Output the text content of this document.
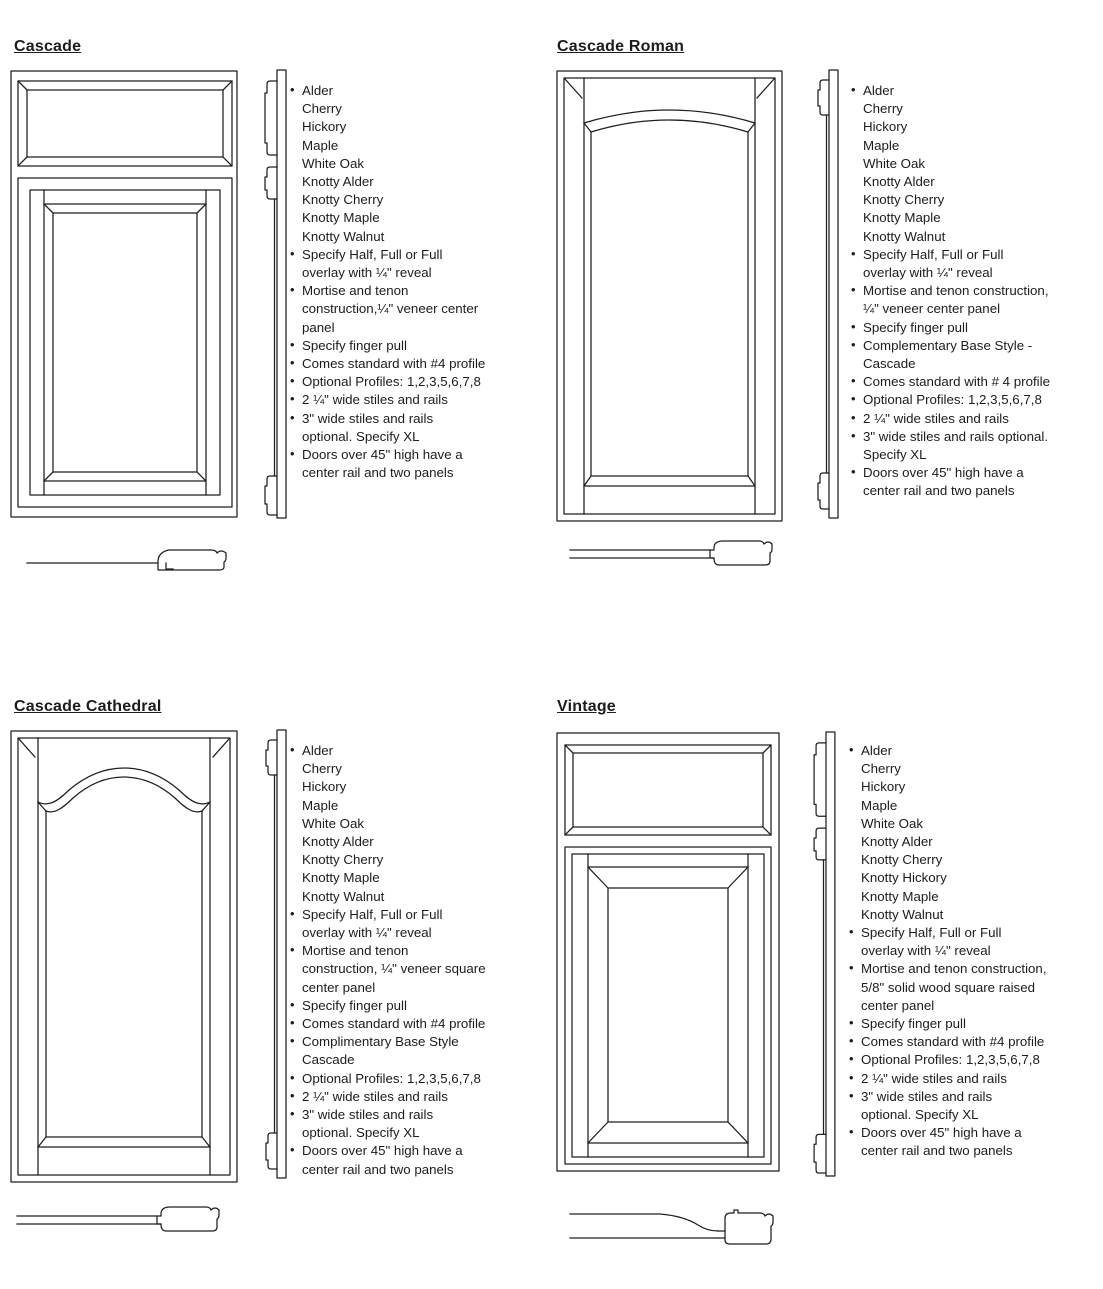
Cascade
• Alder
Cherry
Hickory
Maple
White Oak
Knotty Alder
Knotty Cherry
Knotty Maple
Knotty Walnut
• Specify Half, Full or Full
overlay with ¼" reveal
• Mortise and tenon
construction,¼" veneer center
panel
• Specify finger pull
• Comes standard with #4 profile
• Optional Profiles: 1,2,3,5,6,7,8
• 2 ¼" wide stiles and rails
• 3" wide stiles and rails
optional. Specify XL
• Doors over 45" high have a
center rail and two panels
Cascade Roman
• Alder
Cherry
Hickory
Maple
White Oak
Knotty Alder
Knotty Cherry
Knotty Maple
Knotty Walnut
• Specify Half, Full or Full
overlay with ¼" reveal
• Mortise and tenon construction,
¼" veneer center panel
• Specify finger pull
• Complementary Base Style -
Cascade
• Comes standard with # 4 profile
• Optional Profiles: 1,2,3,5,6,7,8
• 2 ¼" wide stiles and rails
• 3" wide stiles and rails optional.
Specify XL
• Doors over 45" high have a
center rail and two panels
Cascade Cathedral
• Alder
Cherry
Hickory
Maple
White Oak
Knotty Alder
Knotty Cherry
Knotty Maple
Knotty Walnut
• Specify Half, Full or Full
overlay with ¼" reveal
• Mortise and tenon
construction, ¼" veneer square
center panel
• Specify finger pull
• Comes standard with #4 profile
• Complimentary Base Style
Cascade
• Optional Profiles: 1,2,3,5,6,7,8
• 2 ¼" wide stiles and rails
• 3" wide stiles and rails
optional. Specify XL
• Doors over 45" high have a
center rail and two panels
Vintage
• Alder
Cherry
Hickory
Maple
White Oak
Knotty Alder
Knotty Cherry
Knotty Hickory
Knotty Maple
Knotty Walnut
• Specify Half, Full or Full
overlay with ¼" reveal
• Mortise and tenon construction,
5/8" solid wood square raised
center panel
• Specify finger pull
• Comes standard with #4 profile
• Optional Profiles: 1,2,3,5,6,7,8
• 2 ¼" wide stiles and rails
• 3" wide stiles and rails
optional. Specify XL
• Doors over 45" high have a
center rail and two panels
